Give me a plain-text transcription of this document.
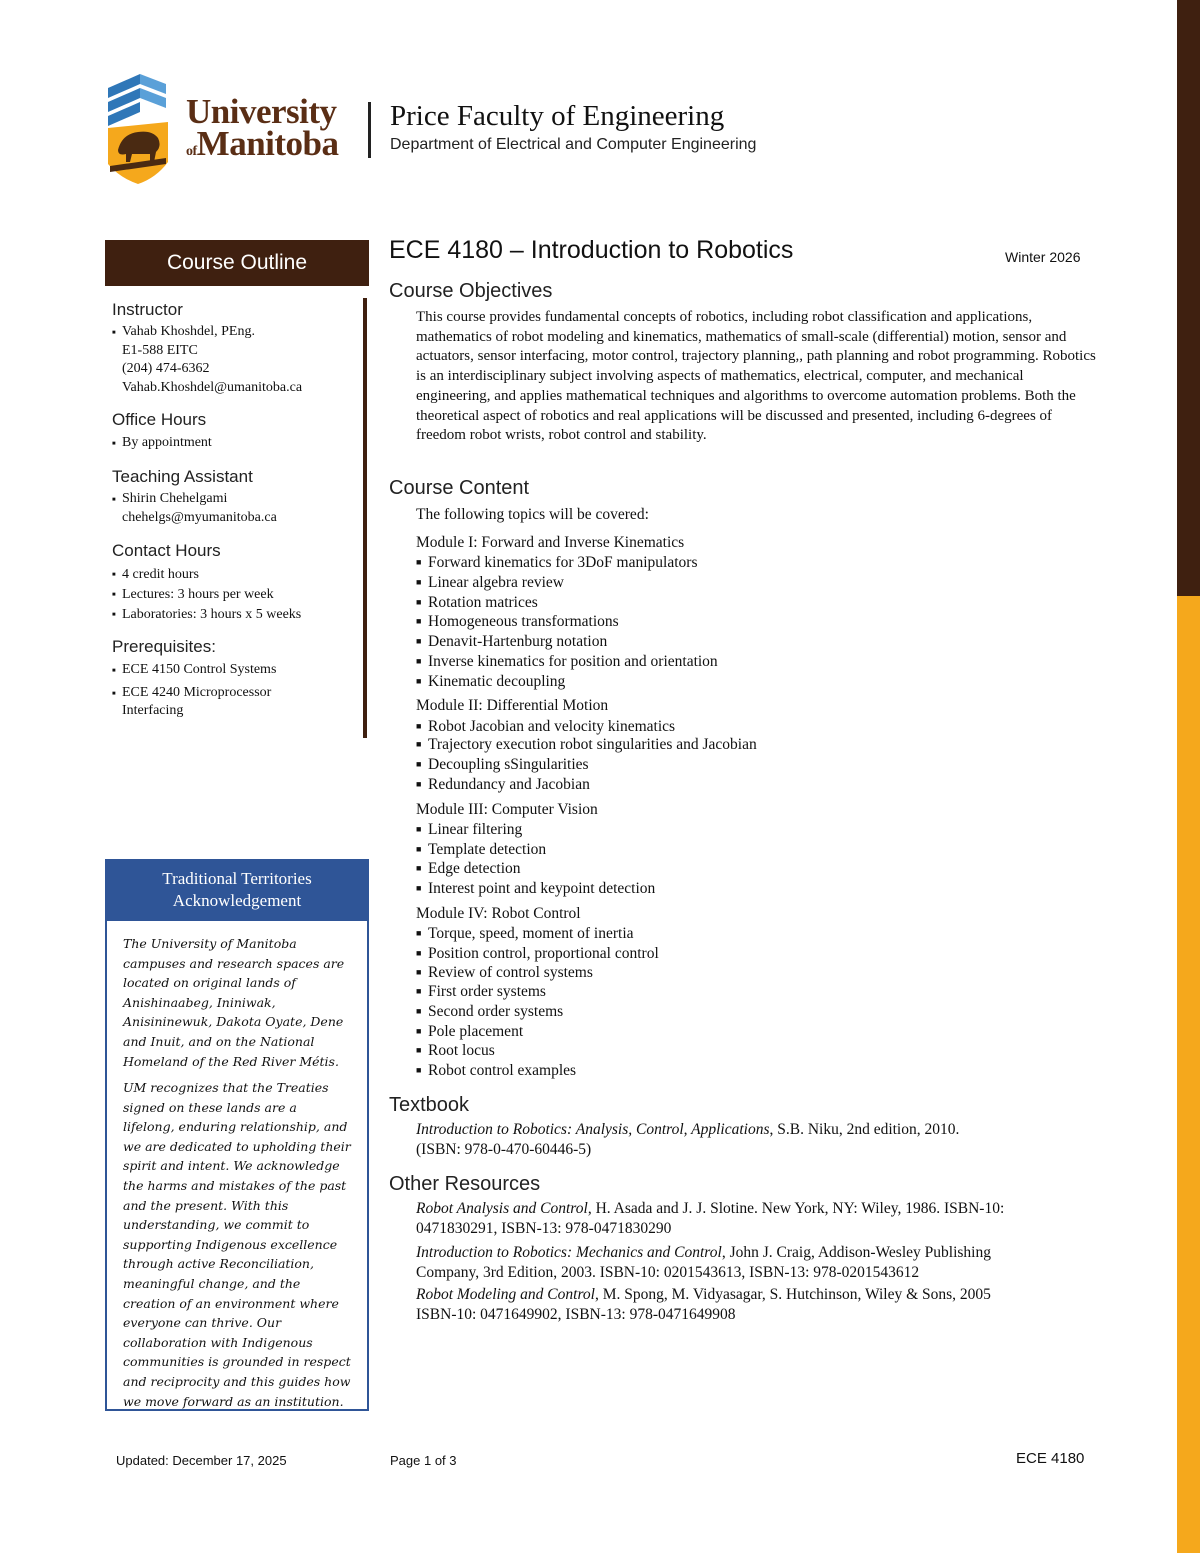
University
ofManitoba
Price Faculty of Engineering
Department of Electrical and Computer Engineering
Course Outline
Instructor
■ Vahab Khoshdel, PEng.
E1-588 EITC
(204) 474-6362
Vahab.Khoshdel@umanitoba.ca
Office Hours
■ By appointment
Teaching Assistant
■ Shirin Chehelgami
chehelgs@myumanitoba.ca
Contact Hours
■ 4 credit hours
■ Lectures: 3 hours per week
■ Laboratories: 3 hours x 5 weeks
Prerequisites:
■ ECE 4150 Control Systems
■ ECE 4240 Microprocessor
Interfacing
Traditional Territories
Acknowledgement

The University of Manitoba campuses and research spaces are located on original lands of Anishinaabeg, Ininiwak, Anisininewuk, Dakota Oyate, Dene and Inuit, and on the National Homeland of the Red River Métis.

UM recognizes that the Treaties signed on these lands are a lifelong, enduring relationship, and we are dedicated to upholding their spirit and intent. We acknowledge the harms and mistakes of the past and the present. With this understanding, we commit to supporting Indigenous excellence through active Reconciliation, meaningful change, and the creation of an environment where everyone can thrive. Our collaboration with Indigenous communities is grounded in respect and reciprocity and this guides how we move forward as an institution.

ECE 4180 – Introduction to Robotics	Winter 2026
Course Objectives

This course provides fundamental concepts of robotics, including robot classification and applications, mathematics of robot modeling and kinematics, mathematics of small-scale (differential) motion, sensor and actuators, sensor interfacing, motor control, trajectory planning,, path planning and robot programming. Robotics is an interdisciplinary subject involving aspects of mathematics, electrical, computer, and mechanical engineering, and applies mathematical techniques and algorithms to overcome automation problems. Both the theoretical aspect of robotics and real applications will be discussed and presented, including 6-degrees of freedom robot wrists, robot control and stability.

Course Content
The following topics will be covered:
Module I: Forward and Inverse Kinematics
■ Forward kinematics for 3DoF manipulators
■ Linear algebra review
■ Rotation matrices
■ Homogeneous transformations
■ Denavit-Hartenburg notation
■ Inverse kinematics for position and orientation
■ Kinematic decoupling
Module II: Differential Motion
■ Robot Jacobian and velocity kinematics
■ Trajectory execution robot singularities and Jacobian
■ Decoupling sSingularities
■ Redundancy and Jacobian
Module III: Computer Vision
■ Linear filtering
■ Template detection
■ Edge detection
■ Interest point and keypoint detection
Module IV: Robot Control
■ Torque, speed, moment of inertia
■ Position control, proportional control
■ Review of control systems
■ First order systems
■ Second order systems
■ Pole placement
■ Root locus
■ Robot control examples
Textbook
Introduction to Robotics: Analysis, Control, Applications, S.B. Niku, 2nd edition, 2010.
(ISBN: 978-0-470-60446-5)
Other Resources
Robot Analysis and Control, H. Asada and J. J. Slotine. New York, NY: Wiley, 1986. ISBN-10:
0471830291, ISBN-13: 978-0471830290
Introduction to Robotics: Mechanics and Control, John J. Craig, Addison-Wesley Publishing
Company, 3rd Edition, 2003. ISBN-10: 0201543613, ISBN-13: 978-0201543612
Robot Modeling and Control, M. Spong, M. Vidyasagar, S. Hutchinson, Wiley & Sons, 2005
ISBN-10: 0471649902, ISBN-13: 978-0471649908
Updated: December 17, 2025	Page 1 of 3	ECE 4180
